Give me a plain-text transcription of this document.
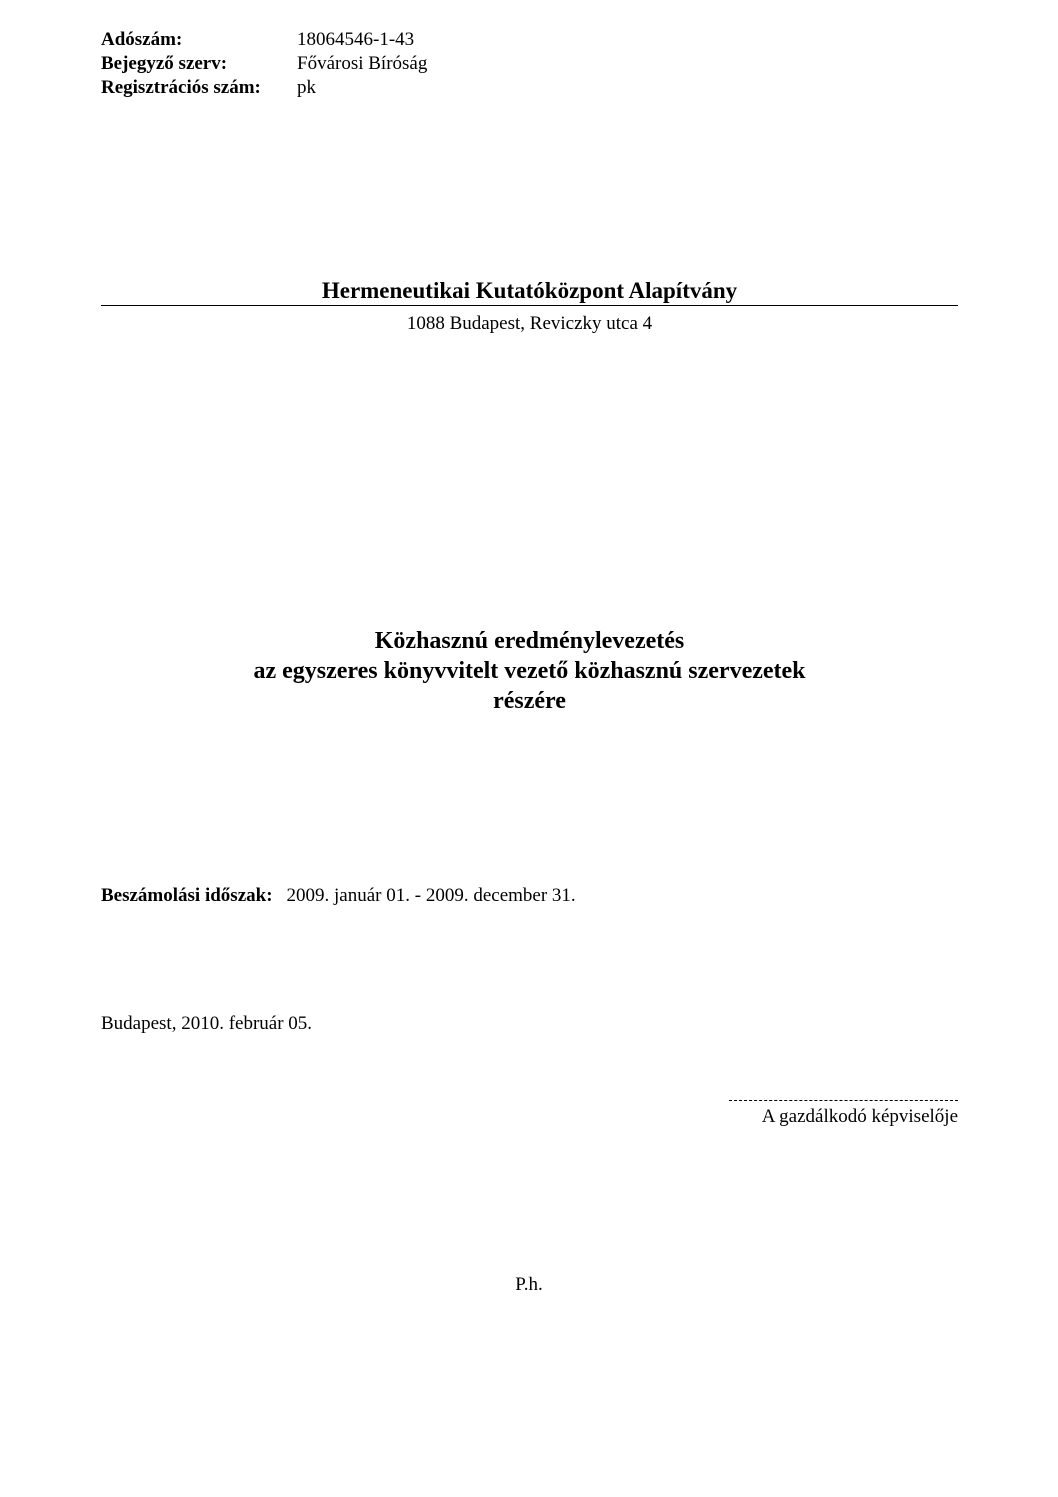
Adószám:	18064546-1-43
Bejegyző szerv:	Fővárosi Bíróság
Regisztrációs szám:	pk
Hermeneutikai Kutatóközpont Alapítvány
1088 Budapest, Reviczky utca 4
Közhasznú eredménylevezetés
az egyszeres könyvvitelt vezető közhasznú szervezetek
részére
Beszámolási időszak: 2009. január 01. - 2009. december 31.
Budapest, 2010. február 05.
A gazdálkodó képviselője
P.h.
